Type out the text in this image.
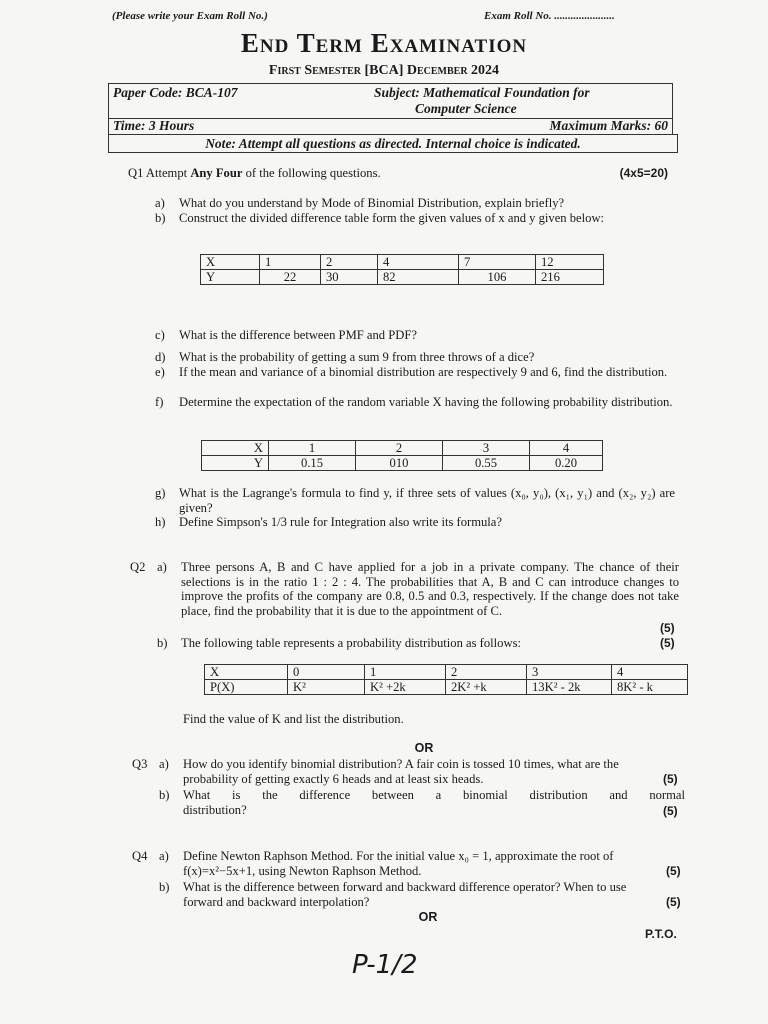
(Please write your Exam Roll No.)	Exam Roll No. ......................
End Term Examination
First Semester [BCA] December 2024
Paper Code: BCA-107	Subject: Mathematical Foundation for
Computer Science
Time: 3 Hours	Maximum Marks: 60
Note: Attempt all questions as directed. Internal choice is indicated.
Q1 Attempt Any Four of the following questions.	(4x5=20)
a) What do you understand by Mode of Binomial Distribution, explain briefly?
b) Construct the divided difference table form the given values of x and y given below:
X	1	2	4	7	12
Y	22	30	82	106	216
c) What is the difference between PMF and PDF?
d) What is the probability of getting a sum 9 from three throws of a dice?
e) If the mean and variance of a binomial distribution are respectively 9 and 6, find the distribution.
f) Determine the expectation of the random variable X having the following probability distribution.
X	1	2	3	4
Y	0.15	010	0.55	0.20
g) What is the Lagrange's formula to find y, if three sets of values (x₀, y₀), (x₁, y₁) and (x₂, y₂) are given?
h) Define Simpson's 1/3 rule for Integration also write its formula?
Q2 a) Three persons A, B and C have applied for a job in a private company. The chance of their selections is in the ratio 1 : 2 : 4. The probabilities that A, B and C can introduce changes to improve the profits of the company are 0.8, 0.5 and 0.3, respectively. If the change does not take place, find the probability that it is due to the appointment of C.
(5)
b) The following table represents a probability distribution as follows:	(5)
X	0	1	2	3	4
P(X)	K²	K² +2k	2K² +k	13K² - 2k	8K² - k
Find the value of K and list the distribution.
OR
Q3 a) How do you identify binomial distribution? A fair coin is tossed 10 times, what are the probability of getting exactly 6 heads and at least six heads.	(5)
b) What is the difference between a binomial distribution and normal distribution?	(5)
Q4 a) Define Newton Raphson Method. For the initial value x₀ = 1, approximate the root of f(x)=x²−5x+1, using Newton Raphson Method.	(5)
b) What is the difference between forward and backward difference operator? When to use forward and backward interpolation?	(5)
OR
P.T.O.
P-1/2
